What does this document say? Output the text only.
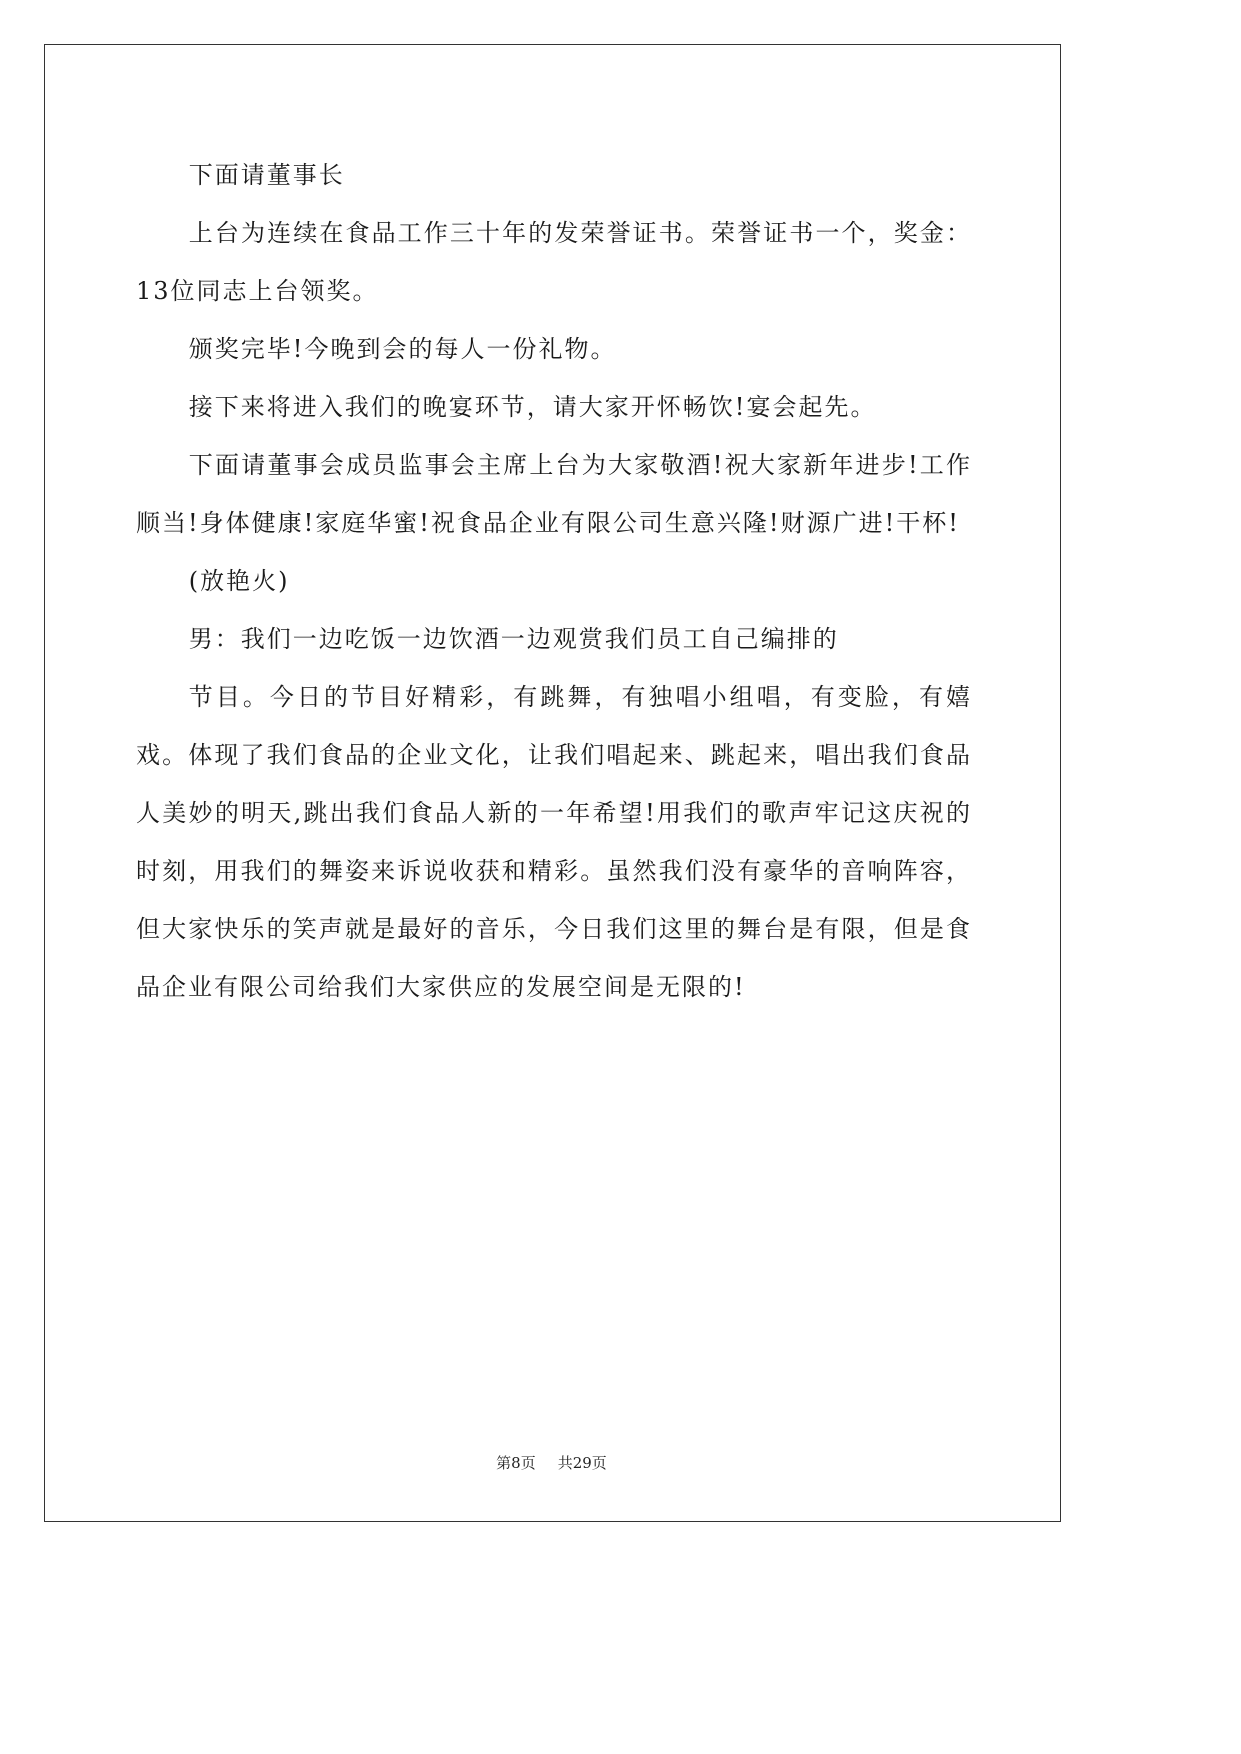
下面请董事长

上台为连续在食品工作三十年的发荣誉证书。荣誉证书一个，奖金：13位同志上台领奖。

颁奖完毕!今晚到会的每人一份礼物。

接下来将进入我们的晚宴环节，请大家开怀畅饮!宴会起先。

下面请董事会成员监事会主席上台为大家敬酒!祝大家新年进步!工作顺当!身体健康!家庭华蜜!祝食品企业有限公司生意兴隆!财源广进!干杯!

(放艳火)

男：我们一边吃饭一边饮酒一边观赏我们员工自己编排的

节目。今日的节目好精彩，有跳舞，有独唱小组唱，有变脸，有嬉戏。体现了我们食品的企业文化，让我们唱起来、跳起来，唱出我们食品人美妙的明天,跳出我们食品人新的一年希望!用我们的歌声牢记这庆祝的时刻，用我们的舞姿来诉说收获和精彩。虽然我们没有豪华的音响阵容，但大家快乐的笑声就是最好的音乐，今日我们这里的舞台是有限，但是食品企业有限公司给我们大家供应的发展空间是无限的!

第8页 共29页
